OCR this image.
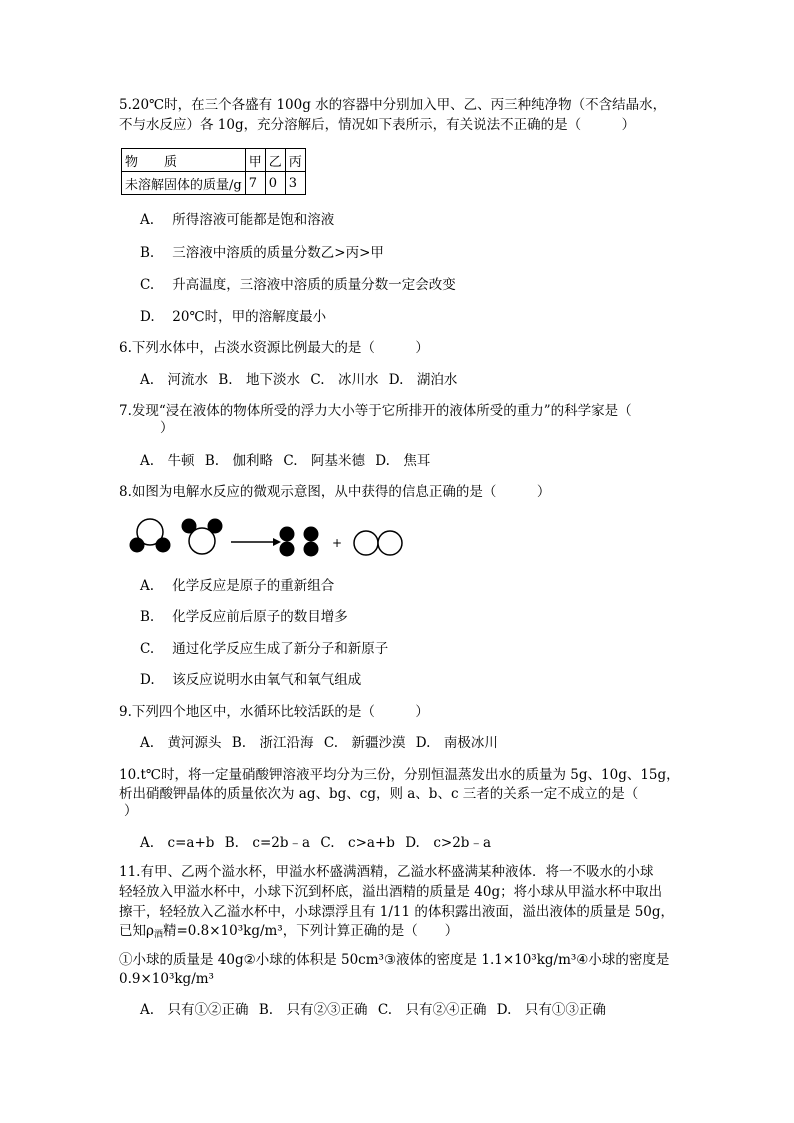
5.20℃时，在三个各盛有 100g 水的容器中分别加入甲、乙、丙三种纯净物（不含结晶水，
不与水反应）各 10g，充分溶解后，情况如下表所示，有关说法不正确的是（　　　）
物　　质	甲	乙	丙
未溶解固体的质量/g	7	0	3
A. 所得溶液可能都是饱和溶液
B. 三溶液中溶质的质量分数乙>丙>甲
C. 升高温度，三溶液中溶质的质量分数一定会改变
D. 20℃时，甲的溶解度最小
6.下列水体中，占淡水资源比例最大的是（　　　）
A.　河流水 B.　地下淡水 C.　冰川水 D.　湖泊水
7.发现“浸在液体的物体所受的浮力大小等于它所排开的液体所受的重力”的科学家是（
）
A.　牛顿 B.　伽利略 C.　阿基米德 D.　焦耳
8.如图为电解水反应的微观示意图，从中获得的信息正确的是（　　　）
+
A. 化学反应是原子的重新组合
B. 化学反应前后原子的数目增多
C. 通过化学反应生成了新分子和新原子
D. 该反应说明水由氧气和氧气组成
9.下列四个地区中，水循环比较活跃的是（　　　）
A.　黄河源头 B.　浙江沿海 C.　新疆沙漠 D.　南极冰川
10.t℃时，将一定量硝酸钾溶液平均分为三份，分别恒温蒸发出水的质量为 5g、10g、15g，
析出硝酸钾晶体的质量依次为 ag、bg、cg，则 a、b、c 三者的关系一定不成立的是（
）
A.　c=a+b B.　c=2b﹣a C.　c>a+b D.　c>2b﹣a
11.有甲、乙两个溢水杯，甲溢水杯盛满酒精，乙溢水杯盛满某种液体．将一不吸水的小球
轻轻放入甲溢水杯中，小球下沉到杯底，溢出酒精的质量是 40g；将小球从甲溢水杯中取出
擦干，轻轻放入乙溢水杯中，小球漂浮且有 1/11 的体积露出液面，溢出液体的质量是 50g，
已知$\rho_酒$精=0.8×10³kg/m³，下列计算正确的是（　　）
①小球的质量是 40g②小球的体积是 50cm³③液体的密度是 1.1×10³kg/m³④小球的密度是
0.9×10³kg/m³
A.　只有①②正确 B.　只有②③正确 C.　只有②④正确 D.　只有①③正确
